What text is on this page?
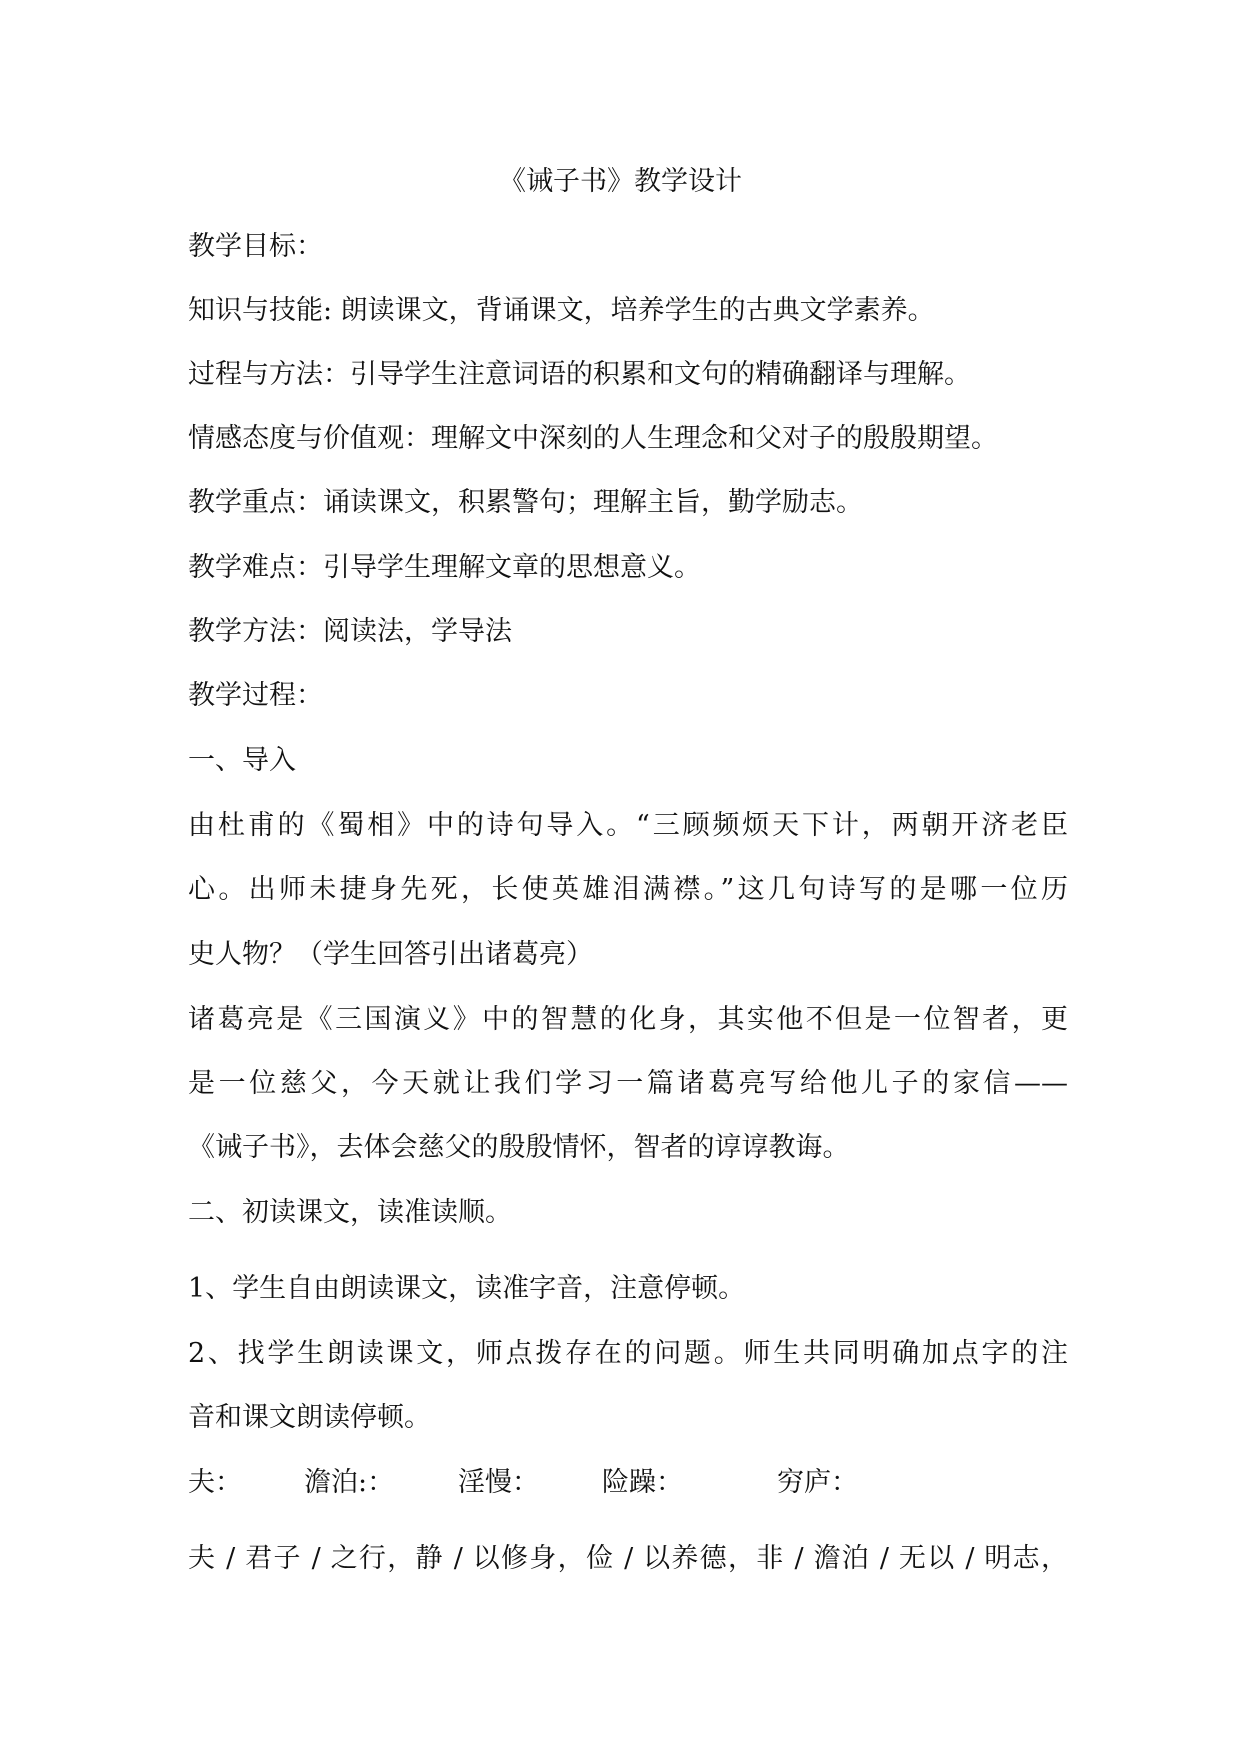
《诫子书》教学设计
教学目标：
知识与技能: 朗读课文，背诵课文，培养学生的古典文学素养。
过程与方法：引导学生注意词语的积累和文句的精确翻译与理解。
情感态度与价值观：理解文中深刻的人生理念和父对子的殷殷期望。
教学重点：诵读课文，积累警句；理解主旨，勤学励志。
教学难点：引导学生理解文章的思想意义。
教学方法：阅读法，学导法
教学过程：
一、导入
由杜甫的《蜀相》中的诗句导入。“三顾频烦天下计，两朝开济老臣
心。出师未捷身先死，长使英雄泪满襟。”这几句诗写的是哪一位历
史人物？（学生回答引出诸葛亮）
诸葛亮是《三国演义》中的智慧的化身，其实他不但是一位智者，更
是一位慈父，今天就让我们学习一篇诸葛亮写给他儿子的家信——
《诫子书》，去体会慈父的殷殷情怀，智者的谆谆教诲。
二、初读课文，读准读顺。
1、学生自由朗读课文，读准字音，注意停顿。
2、找学生朗读课文，师点拨存在的问题。师生共同明确加点字的注
音和课文朗读停顿。
夫： 澹泊:： 淫慢： 险躁：	穷庐：
夫 / 君子 / 之行，静 / 以修身，俭 / 以养德，非 / 澹泊 / 无以 / 明志，
